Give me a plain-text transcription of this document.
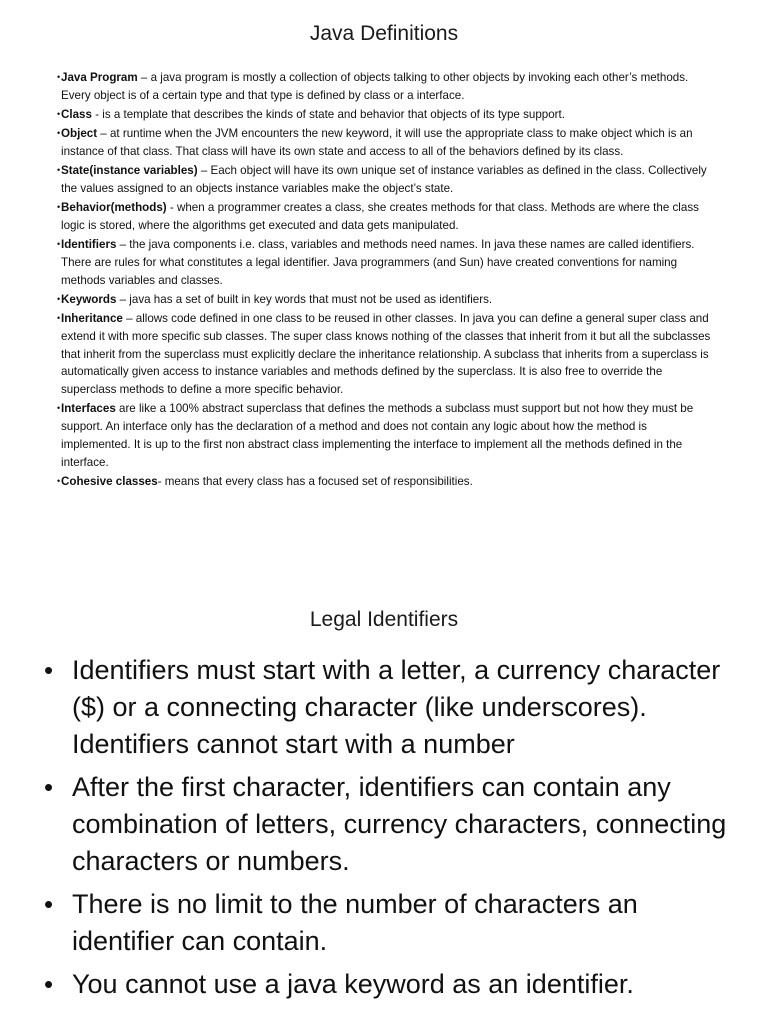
Java Definitions

• Java Program – a java program is mostly a collection of objects talking to other objects by invoking each other’s methods. Every object is of a certain type and that type is defined by class or a interface.

• Class - is a template that describes the kinds of state and behavior that objects of its type support.

• Object – at runtime when the JVM encounters the new keyword, it will use the appropriate class to make object which is an instance of that class. That class will have its own state and access to all of the behaviors defined by its class.

• State(instance variables) – Each object will have its own unique set of instance variables as defined in the class. Collectively the values assigned to an objects instance variables make the object’s state.

• Behavior(methods) - when a programmer creates a class, she creates methods for that class. Methods are where the class logic is stored, where the algorithms get executed and data gets manipulated.

• Identifiers – the java components i.e. class, variables and methods need names. In java these names are called identifiers. There are rules for what constitutes a legal identifier. Java programmers (and Sun) have created conventions for naming methods variables and classes.

• Keywords – java has a set of built in key words that must not be used as identifiers.

• Inheritance – allows code defined in one class to be reused in other classes. In java you can define a general super class and extend it with more specific sub classes. The super class knows nothing of the classes that inherit from it but all the subclasses that inherit from the superclass must explicitly declare the inheritance relationship. A subclass that inherits from a superclass is automatically given access to instance variables and methods defined by the superclass. It is also free to override the superclass methods to define a more specific behavior.

• Interfaces are like a 100% abstract superclass that defines the methods a subclass must support but not how they must be support. An interface only has the declaration of a method and does not contain any logic about how the method is implemented. It is up to the first non abstract class implementing the interface to implement all the methods defined in the interface.

• Cohesive classes- means that every class has a focused set of responsibilities.

Legal Identifiers
• Identifiers must start with a letter, a currency character ($) or a connecting character (like underscores). Identifiers cannot start with a number
• After the first character, identifiers can contain any combination of letters, currency characters, connecting characters or numbers.
• There is no limit to the number of characters an identifier can contain.
• You cannot use a java keyword as an identifier.
